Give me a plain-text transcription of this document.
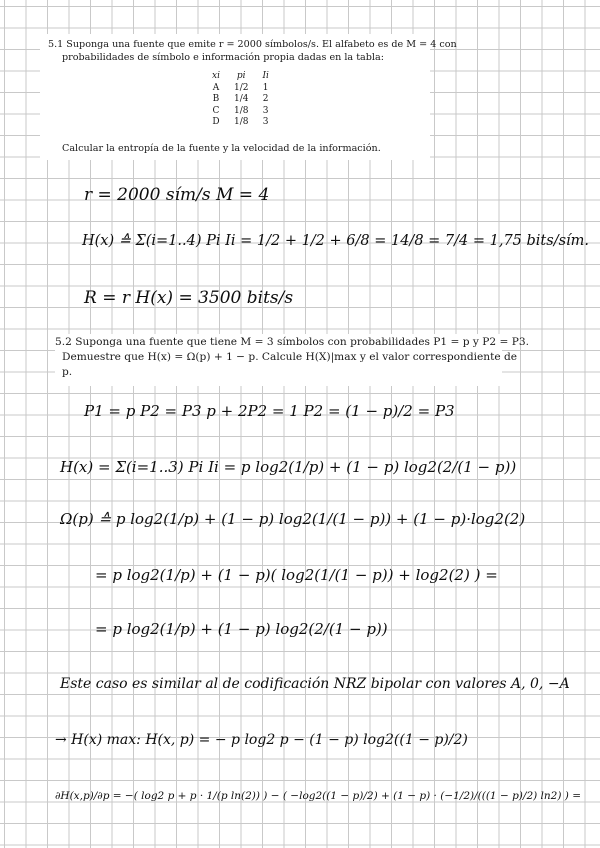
5.1 Suponga una fuente que emite r = 2000 símbolos/s. El alfabeto es de M = 4 con
probabilidades de símbolo e información propia dadas en la tabla:
xi	pi	Ii
A	1/2	1
B	1/4	2
C	1/8	3
D	1/8	3
Calcular la entropía de la fuente y la velocidad de la información.
r = 2000 sím/s M = 4
H(x) ≙ Σ(i=1..4) Pi Ii = 1/2 + 1/2 + 6/8 = 14/8 = 7/4 = 1,75 bits/sím.
R = r H(x) = 3500 bits/s
5.2 Suponga una fuente que tiene M = 3 símbolos con probabilidades P1 = p y P2 = P3.
Demuestre que H(x) = Ω(p) + 1 − p. Calcule H(X)|max y el valor correspondiente de
p.
P1 = p P2 = P3 p + 2P2 = 1 P2 = (1 − p)/2 = P3
H(x) = Σ(i=1..3) Pi Ii = p log2(1/p) + (1 − p) log2(2/(1 − p))
Ω(p) ≙ p log2(1/p) + (1 − p) log2(1/(1 − p)) + (1 − p)·log2(2)
= p log2(1/p) + (1 − p)( log2(1/(1 − p)) + log2(2) ) =
= p log2(1/p) + (1 − p) log2(2/(1 − p))
Este caso es similar al de codificación NRZ bipolar con valores A, 0, −A
→ H(x) max: H(x, p) = − p log2 p − (1 − p) log2((1 − p)/2)
∂H(x,p)/∂p = −( log2 p + p · 1/(p ln(2)) ) − ( −log2((1 − p)/2) + (1 − p) · (−1/2)/(((1 − p)/2) ln2) ) =
